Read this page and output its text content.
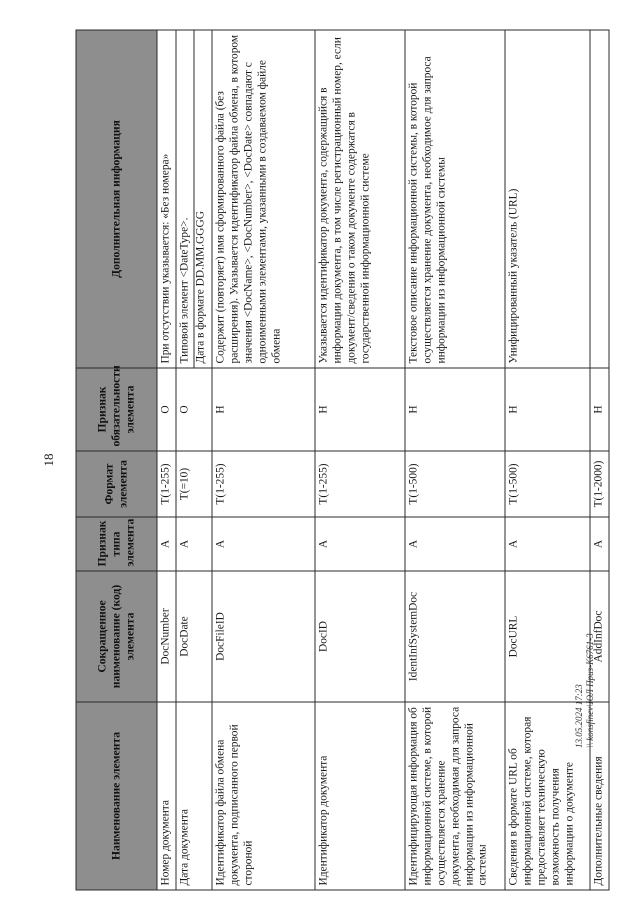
18
Наименование элемента	Сокращенное наименование (код) элемента	Признак типа элемента	Формат элемента	Признак обязательности элемента	Дополнительная информация
Номер документа	DocNumber	A	T(1-255)	O	При отсутствии указывается: «Без номера»
Дата документа	DocDate	A	T(=10)	O	Типовой элемент <DateType>. Дата в формате DD.MM.GGGG

Идентификатор файла обмена документа, подписанного первой стороной	DocFileID	A	T(1-255)	H	Содержит (повторяет) имя сформированного файла (без расширения). Указывается идентификатор файла обмена, в котором значения <DocName>, <DocNumber>, <DocDate> совпадают с одноименными элементами, указанными в создаваемом файле обмена
Идентификатор документа	DocID	A	T(1-255)	H	Указывается идентификатор документа, содержащийся в информации документа, в том числе регистрационный номер, если документ/сведения о таком документе содержатся в государственной информационной системе
Идентифицирующая информация об информационной системе, в которой осуществляется хранение документа, необходимая для запроса информации из информационной системы	IdentInfSystemDoc	A	T(1-500)	H	Текстовое описание информационной системы, в которой осуществляется хранение документа, необходимое для запроса информации из информационной системы
Сведения в формате URL об информационной системе, которая предоставляет техническую возможность получения информации о документе	DocURL	A	T(1-500)	H	Унифицированный указатель (URL)
Дополнительные сведения	AddInfDoc	A	T(1-2000)	H	
13.05.2024 17:23 \\ konsfinev\ЮЛ Приз-К6761-3
